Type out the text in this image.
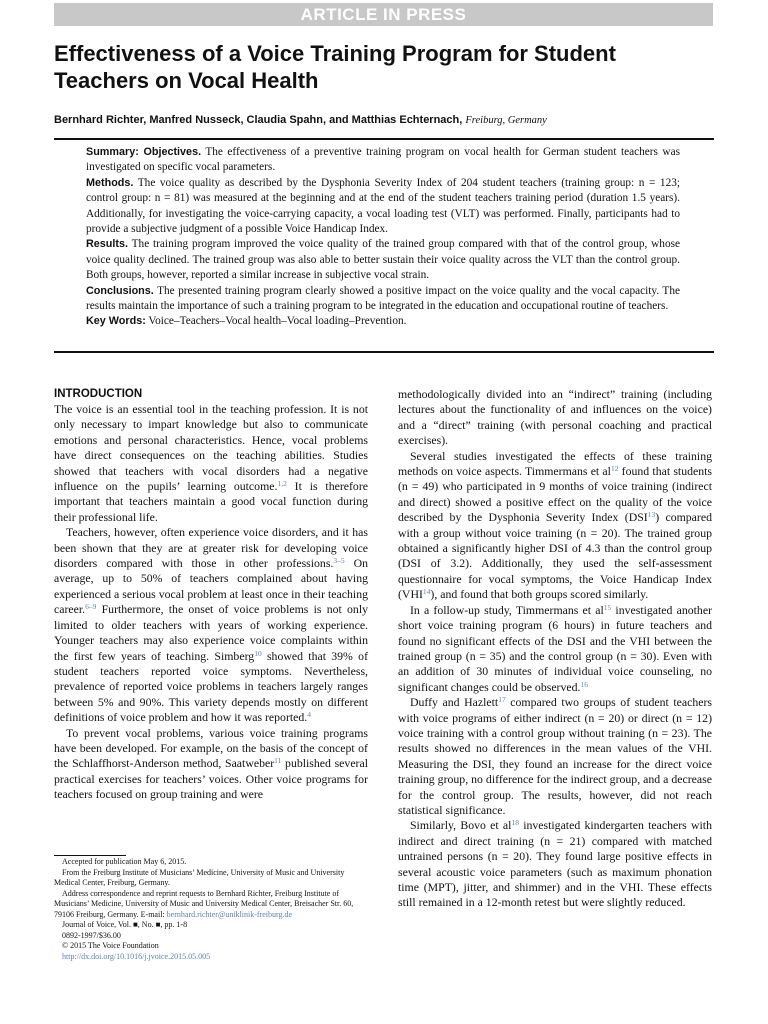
ARTICLE IN PRESS
Effectiveness of a Voice Training Program for Student Teachers on Vocal Health
Bernhard Richter, Manfred Nusseck, Claudia Spahn, and Matthias Echternach, Freiburg, Germany

Summary: Objectives. The effectiveness of a preventive training program on vocal health for German student teachers was investigated on specific vocal parameters.

Methods. The voice quality as described by the Dysphonia Severity Index of 204 student teachers (training group: n = 123; control group: n = 81) was measured at the beginning and at the end of the student teachers training period (duration 1.5 years). Additionally, for investigating the voice-carrying capacity, a vocal loading test (VLT) was performed. Finally, participants had to provide a subjective judgment of a possible Voice Handicap Index.

Results. The training program improved the voice quality of the trained group compared with that of the control group, whose voice quality declined. The trained group was also able to better sustain their voice quality across the VLT than the control group. Both groups, however, reported a similar increase in subjective vocal strain.

Conclusions. The presented training program clearly showed a positive impact on the voice quality and the vocal capacity. The results maintain the importance of such a training program to be integrated in the education and occupational routine of teachers.

Key Words: Voice–Teachers–Vocal health–Vocal loading–Prevention.

INTRODUCTION

The voice is an essential tool in the teaching profession. It is not only necessary to impart knowledge but also to communicate emotions and personal characteristics. Hence, vocal problems have direct consequences on the teaching abilities. Studies showed that teachers with vocal disorders had a negative influence on the pupils’ learning outcome.$^{1,2}$ It is therefore important that teachers maintain a good vocal function during their professional life.

Teachers, however, often experience voice disorders, and it has been shown that they are at greater risk for developing voice disorders compared with those in other professions.$^{3-5}$ On average, up to 50% of teachers complained about having experienced a serious vocal problem at least once in their teaching career.$^{6-9}$ Furthermore, the onset of voice problems is not only limited to older teachers with years of working experience. Younger teachers may also experience voice complaints within the first few years of teaching. Simberg$^{10}$ showed that 39% of student teachers reported voice symptoms. Nevertheless, prevalence of reported voice problems in teachers largely ranges between 5% and 90%. This variety depends mostly on different definitions of voice problem and how it was reported.$^4$

To prevent vocal problems, various voice training programs have been developed. For example, on the basis of the concept of the Schlaffhorst-Anderson method, Saatweber$^{11}$ published several practical exercises for teachers’ voices. Other voice programs for teachers focused on group training and were

Accepted for publication May 6, 2015.

From the Freiburg Institute of Musicians’ Medicine, University of Music and University Medical Center, Freiburg, Germany.

Address correspondence and reprint requests to Bernhard Richter, Freiburg Institute of Musicians’ Medicine, University of Music and University Medical Center, Breisacher Str. 60, 79106 Freiburg, Germany. E-mail: bernhard.richter@uniklinik-freiburg.de

Journal of Voice, Vol. ■, No. ■, pp. 1-8

0892-1997/$36.00

© 2015 The Voice Foundation

http://dx.doi.org/10.1016/j.jvoice.2015.05.005

methodologically divided into an “indirect” training (including lectures about the functionality of and influences on the voice) and a “direct” training (with personal coaching and practical exercises).

Several studies investigated the effects of these training methods on voice aspects. Timmermans et $al^{12}$ found that students (n = 49) who participated in 9 months of voice training (indirect and direct) showed a positive effect on the quality of the voice described by the Dysphonia Severity Index (DSI$^{13}$) compared with a group without voice training (n = 20). The trained group obtained a significantly higher DSI of 4.3 than the control group (DSI of 3.2). Additionally, they used the self-assessment questionnaire for vocal symptoms, the Voice Handicap Index (VHI$^{14}$), and found that both groups scored similarly.

In a follow-up study, Timmermans et $al^{15}$ investigated another short voice training program (6 hours) in future teachers and found no significant effects of the DSI and the VHI between the trained group (n = 35) and the control group (n = 30). Even with an addition of 30 minutes of individual voice counseling, no significant changes could be observed.$^{16}$

Duffy and Hazlett$^{17}$ compared two groups of student teachers with voice programs of either indirect (n = 20) or direct (n = 12) voice training with a control group without training (n = 23). The results showed no differences in the mean values of the VHI. Measuring the DSI, they found an increase for the direct voice training group, no difference for the indirect group, and a decrease for the control group. The results, however, did not reach statistical significance.

Similarly, Bovo et $al^{18}$ investigated kindergarten teachers with indirect and direct training (n = 21) compared with matched untrained persons (n = 20). They found large positive effects in several acoustic voice parameters (such as maximum phonation time (MPT), jitter, and shimmer) and in the VHI. These effects still remained in a 12-month retest but were slightly reduced.
